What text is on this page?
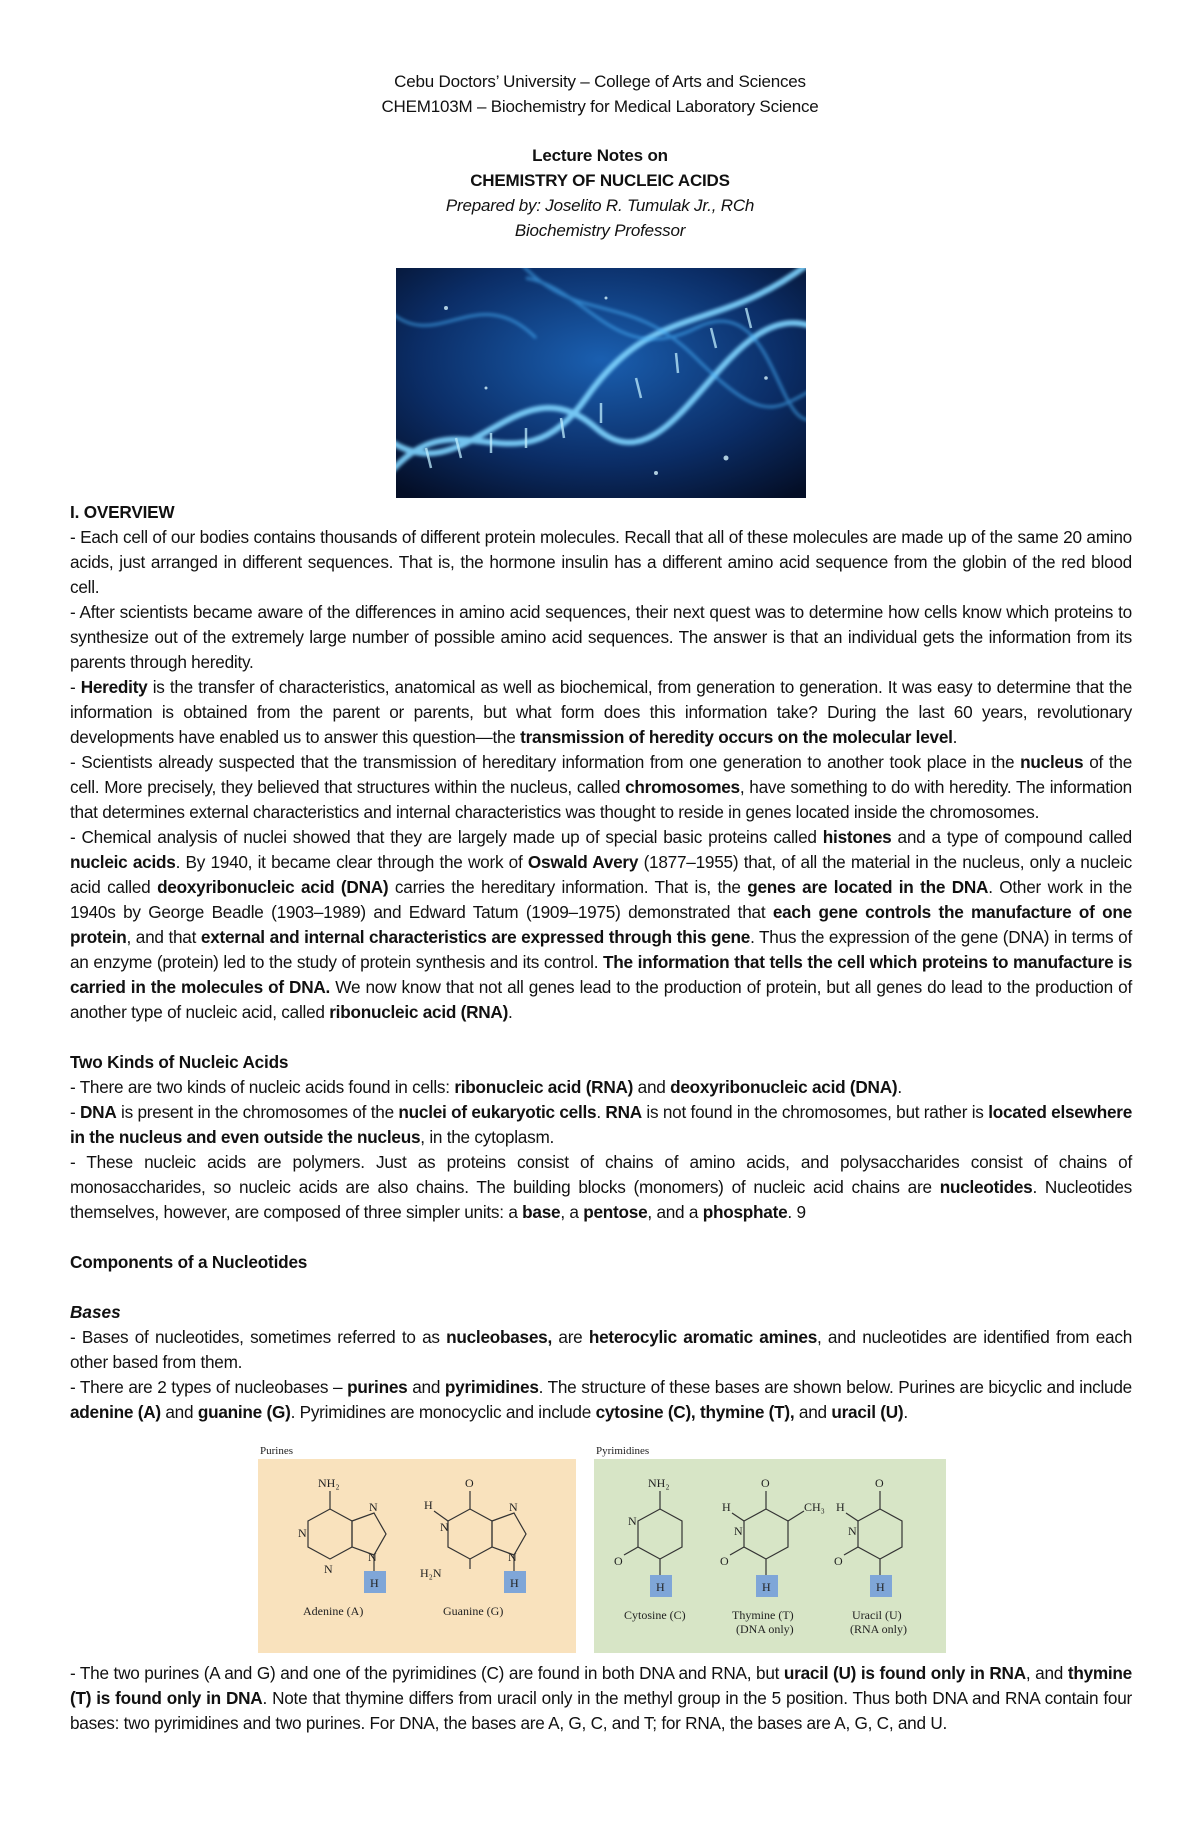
Cebu Doctors’ University – College of Arts and Sciences
CHEM103M – Biochemistry for Medical Laboratory Science
Lecture Notes on
CHEMISTRY OF NUCLEIC ACIDS
Prepared by: Joselito R. Tumulak Jr., RCh
Biochemistry Professor

I. OVERVIEW

- Each cell of our bodies contains thousands of different protein molecules. Recall that all of these molecules are made up of the same 20 amino acids, just arranged in different sequences. That is, the hormone insulin has a different amino acid sequence from the globin of the red blood cell.

- After scientists became aware of the differences in amino acid sequences, their next quest was to determine how cells know which proteins to synthesize out of the extremely large number of possible amino acid sequences. The answer is that an individual gets the information from its parents through heredity.

- Heredity is the transfer of characteristics, anatomical as well as biochemical, from generation to generation. It was easy to determine that the information is obtained from the parent or parents, but what form does this information take? During the last 60 years, revolutionary developments have enabled us to answer this question—the transmission of heredity occurs on the molecular level.

- Scientists already suspected that the transmission of hereditary information from one generation to another took place in the nucleus of the cell. More precisely, they believed that structures within the nucleus, called chromosomes, have something to do with heredity. The information that determines external characteristics and internal characteristics was thought to reside in genes located inside the chromosomes.

- Chemical analysis of nuclei showed that they are largely made up of special basic proteins called histones and a type of compound called nucleic acids. By 1940, it became clear through the work of Oswald Avery (1877–1955) that, of all the material in the nucleus, only a nucleic acid called deoxyribonucleic acid (DNA) carries the hereditary information. That is, the genes are located in the DNA. Other work in the 1940s by George Beadle (1903–1989) and Edward Tatum (1909–1975) demonstrated that each gene controls the manufacture of one protein, and that external and internal characteristics are expressed through this gene. Thus the expression of the gene (DNA) in terms of an enzyme (protein) led to the study of protein synthesis and its control. The information that tells the cell which proteins to manufacture is carried in the molecules of DNA. We now know that not all genes lead to the production of protein, but all genes do lead to the production of another type of nucleic acid, called ribonucleic acid (RNA).

Two Kinds of Nucleic Acids

- There are two kinds of nucleic acids found in cells: ribonucleic acid (RNA) and deoxyribonucleic acid (DNA).

- DNA is present in the chromosomes of the nuclei of eukaryotic cells. RNA is not found in the chromosomes, but rather is located elsewhere in the nucleus and even outside the nucleus, in the cytoplasm.

- These nucleic acids are polymers. Just as proteins consist of chains of amino acids, and polysaccharides consist of chains of monosaccharides, so nucleic acids are also chains. The building blocks (monomers) of nucleic acid chains are nucleotides. Nucleotides themselves, however, are composed of three simpler units: a base, a pentose, and a phosphate. 9

Components of a Nucleotides

Bases

- Bases of nucleotides, sometimes referred to as nucleobases, are heterocylic aromatic amines, and nucleotides are identified from each other based from them.

- There are 2 types of nucleobases – purines and pyrimidines. The structure of these bases are shown below. Purines are bicyclic and include adenine (A) and guanine (G). Pyrimidines are monocyclic and include cytosine (C), thymine (T), and uracil (U).

Purines	Pyrimidines
NH₂
N
N
N
N
H
Adenine (A)
O
H
N
H₂N
N
N
H
Guanine (G)
NH₂
N
O
H
Cytosine (C)
O
CH₃
H
N
O
H
Thymine (T)
(DNA only)
O
H
N
O
H
Uracil (U)
(RNA only)

- The two purines (A and G) and one of the pyrimidines (C) are found in both DNA and RNA, but uracil (U) is found only in RNA, and thymine (T) is found only in DNA. Note that thymine differs from uracil only in the methyl group in the 5 position. Thus both DNA and RNA contain four bases: two pyrimidines and two purines. For DNA, the bases are A, G, C, and T; for RNA, the bases are A, G, C, and U.
